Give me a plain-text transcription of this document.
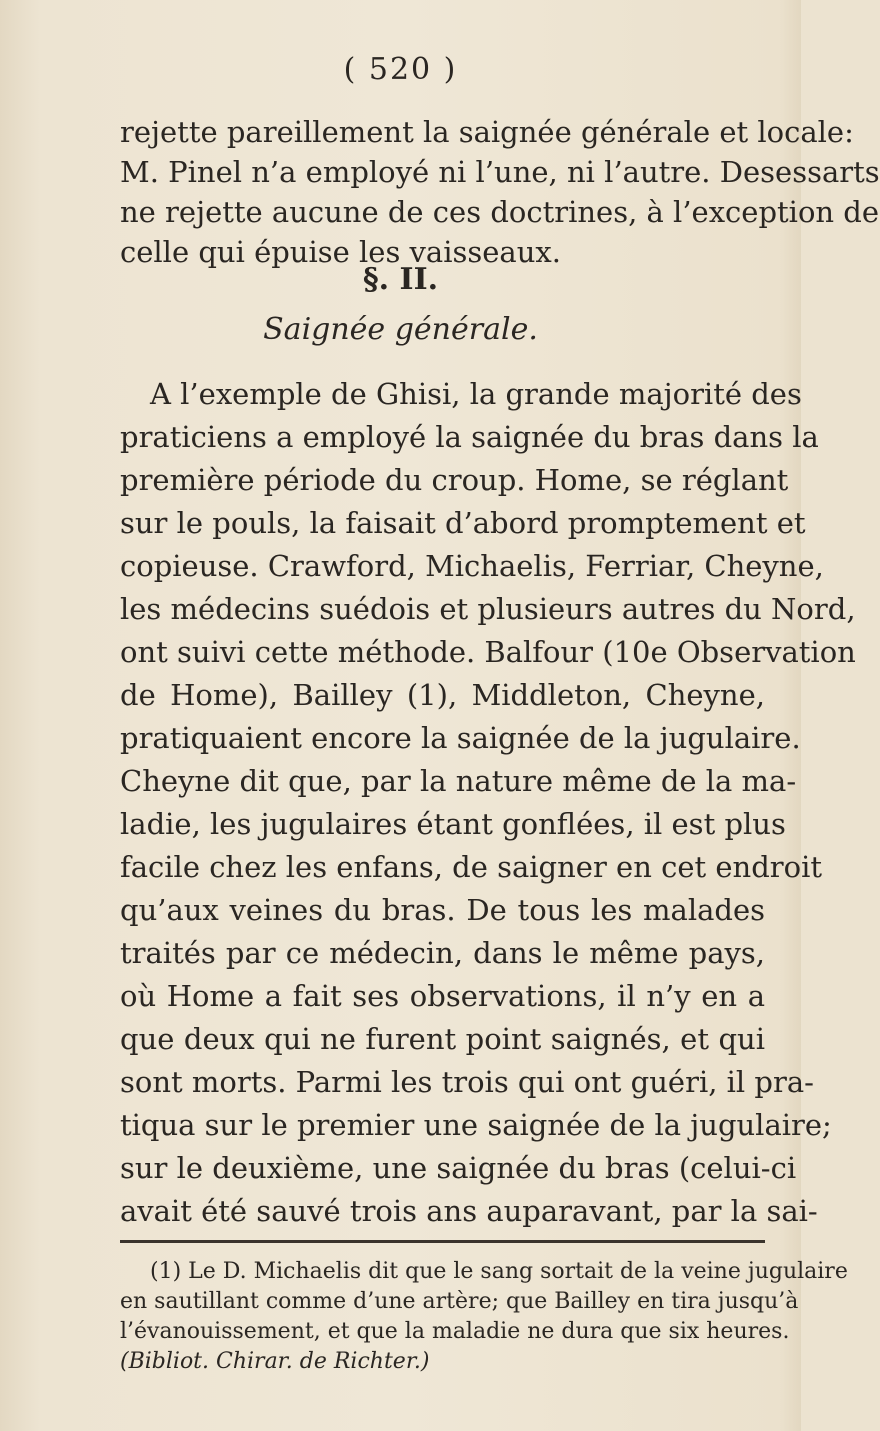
( 520 )
rejette pareillement la saignée générale et locale:
M. Pinel n’a employé ni l’une, ni l’autre. Desessarts
ne rejette aucune de ces doctrines, à l’exception de
celle qui épuise les vaisseaux.
§. II.
Saignée générale.
A l’exemple de Ghisi, la grande majorité des
praticiens a employé la saignée du bras dans la
première période du croup. Home, se réglant
sur le pouls, la faisait d’abord promptement et
copieuse. Crawford, Michaelis, Ferriar, Cheyne,
les médecins suédois et plusieurs autres du Nord,
ont suivi cette méthode. Balfour (10e Observation
de Home), Bailley (1), Middleton, Cheyne,
pratiquaient encore la saignée de la jugulaire.
Cheyne dit que, par la nature même de la ma-
ladie, les jugulaires étant gonflées, il est plus
facile chez les enfans, de saigner en cet endroit
qu’aux veines du bras. De tous les malades
traités par ce médecin, dans le même pays,
où Home a fait ses observations, il n’y en a
que deux qui ne furent point saignés, et qui
sont morts. Parmi les trois qui ont guéri, il pra-
tiqua sur le premier une saignée de la jugulaire;
sur le deuxième, une saignée du bras (celui-ci
avait été sauvé trois ans auparavant, par la sai-
(1) Le D. Michaelis dit que le sang sortait de la veine jugulaire
en sautillant comme d’une artère; que Bailley en tira jusqu’à
l’évanouissement, et que la maladie ne dura que six heures.
(Bibliot. Chirar. de Richter.)
